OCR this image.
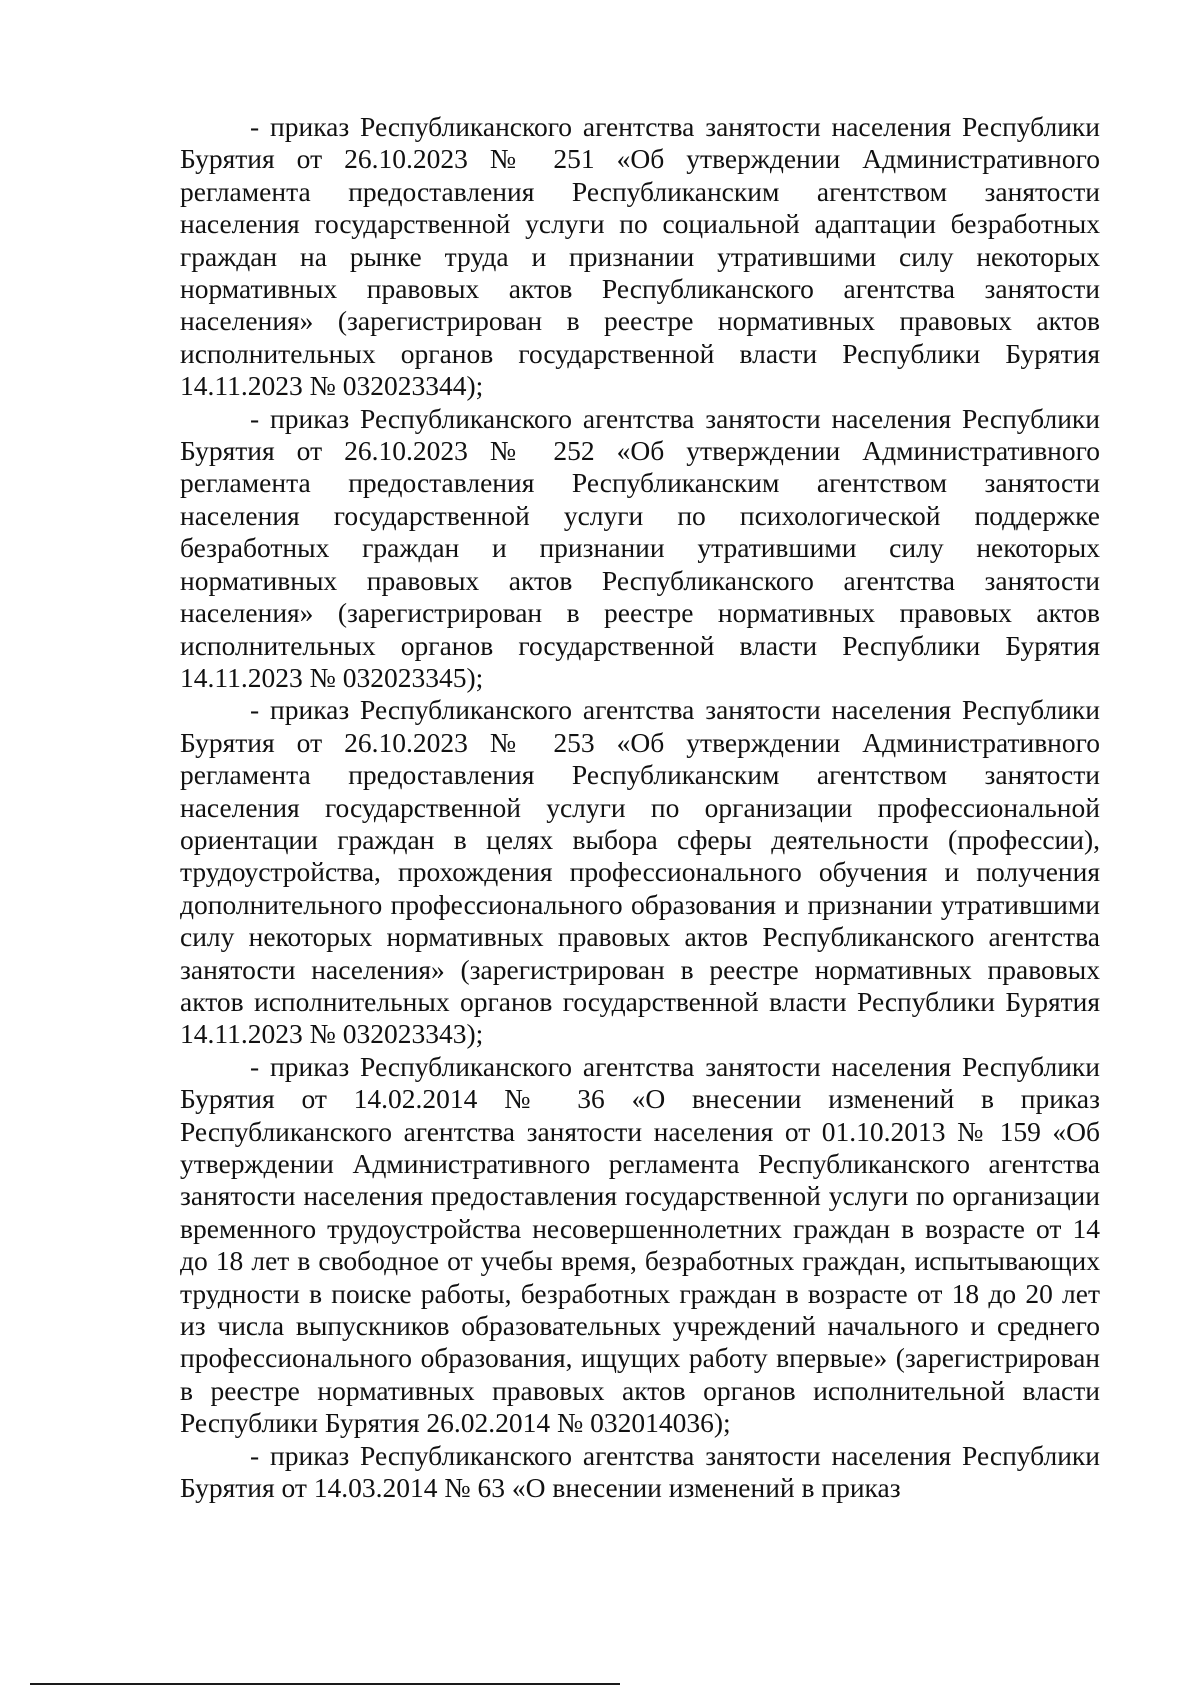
- приказ Республиканского агентства занятости населения Республики Бурятия от 26.10.2023 № 251 «Об утверждении Административного регламента предоставления Республиканским агентством занятости населения государственной услуги по социальной адаптации безработных граждан на рынке труда и признании утратившими силу некоторых нормативных правовых актов Республиканского агентства занятости населения» (зарегистрирован в реестре нормативных правовых актов исполнительных органов государственной власти Республики Бурятия 14.11.2023 № 032023344);

- приказ Республиканского агентства занятости населения Республики Бурятия от 26.10.2023 № 252 «Об утверждении Административного регламента предоставления Республиканским агентством занятости населения государственной услуги по психологической поддержке безработных граждан и признании утратившими силу некоторых нормативных правовых актов Республиканского агентства занятости населения» (зарегистрирован в реестре нормативных правовых актов исполнительных органов государственной власти Республики Бурятия 14.11.2023 № 032023345);

- приказ Республиканского агентства занятости населения Республики Бурятия от 26.10.2023 № 253 «Об утверждении Административного регламента предоставления Республиканским агентством занятости населения государственной услуги по организации профессиональной ориентации граждан в целях выбора сферы деятельности (профессии), трудоустройства, прохождения профессионального обучения и получения дополнительного профессионального образования и признании утратившими силу некоторых нормативных правовых актов Республиканского агентства занятости населения» (зарегистрирован в реестре нормативных правовых актов исполнительных органов государственной власти Республики Бурятия 14.11.2023 № 032023343);

- приказ Республиканского агентства занятости населения Республики Бурятия от 14.02.2014 № 36 «О внесении изменений в приказ Республиканского агентства занятости населения от 01.10.2013 № 159 «Об утверждении Административного регламента Республиканского агентства занятости населения предоставления государственной услуги по организации временного трудоустройства несовершеннолетних граждан в возрасте от 14 до 18 лет в свободное от учебы время, безработных граждан, испытывающих трудности в поиске работы, безработных граждан в возрасте от 18 до 20 лет из числа выпускников образовательных учреждений начального и среднего профессионального образования, ищущих работу впервые» (зарегистрирован в реестре нормативных правовых актов органов исполнительной власти Республики Бурятия 26.02.2014 № 032014036);

- приказ Республиканского агентства занятости населения Республики Бурятия от 14.03.2014 № 63 «О внесении изменений в приказ
